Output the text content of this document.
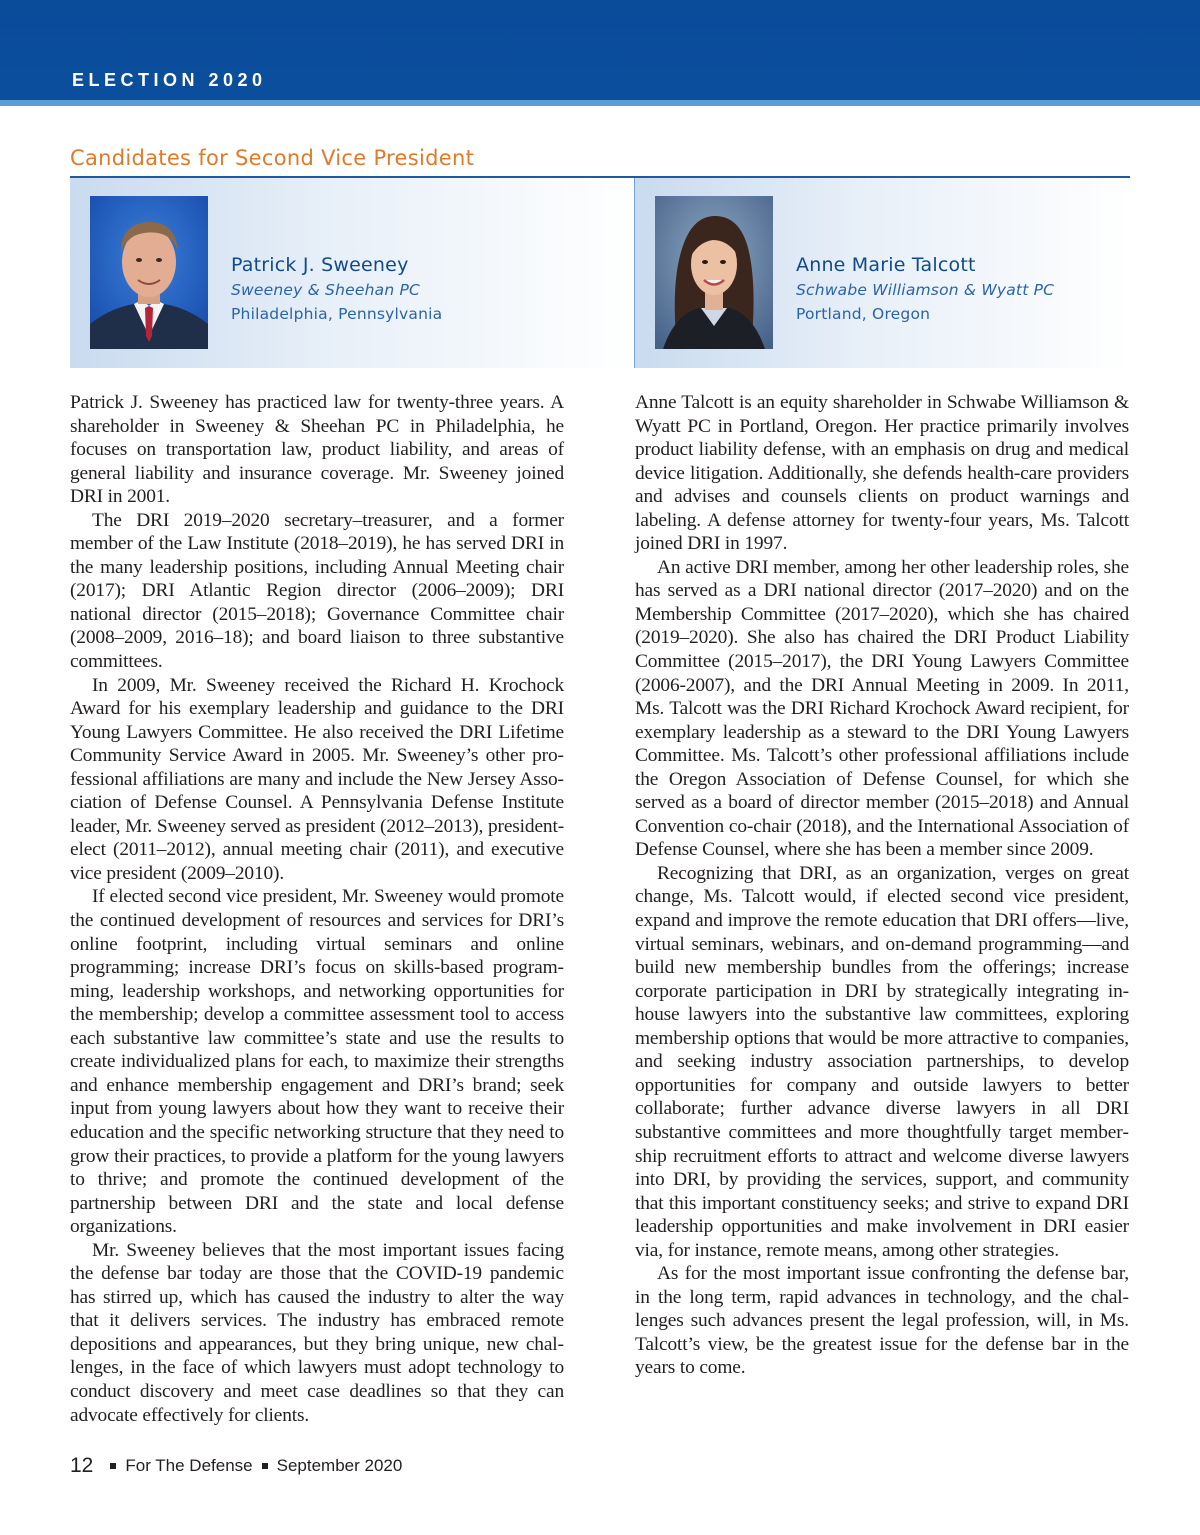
ELECTION 2020
Candidates for Second Vice President
Patrick J. Sweeney
Sweeney & Sheehan PC
Philadelphia, Pennsylvania
Anne Marie Talcott
Schwabe Williamson & Wyatt PC
Portland, Oregon

Patrick J. Sweeney has practiced law for twenty-three years. A shareholder in Sweeney & Sheehan PC in Philadelphia, he focuses on transportation law, product liability, and areas of general liability and insurance coverage. Mr. Sweeney joined DRI in 2001.

The DRI 2019–2020 secretary–treasurer, and a former member of the Law Institute (2018–2019), he has served DRI in the many leadership positions, including Annual Meeting chair (2017); DRI Atlantic Region director (2006–2009); DRI national director (2015–2018); Governance Committee chair (2008–2009, 2016–18); and board liaison to three substantive committees.

In 2009, Mr. Sweeney received the Richard H. Krochock Award for his exemplary leadership and guidance to the DRI Young Lawyers Committee. He also received the DRI Lifetime Community Service Award in 2005. Mr. Sweeney’s other professional affiliations are many and include the New Jersey Association of Defense Counsel. A Pennsylvania Defense Institute leader, Mr. Sweeney served as president (2012–2013), president-elect (2011–2012), annual meeting chair (2011), and executive vice president (2009–2010).

If elected second vice president, Mr. Sweeney would promote the continued development of resources and services for DRI’s online footprint, including virtual seminars and online programming; increase DRI’s focus on skills-based programming, leadership workshops, and networking opportunities for the membership; develop a committee assessment tool to access each substantive law committee’s state and use the results to create individualized plans for each, to maximize their strengths and enhance membership engagement and DRI’s brand; seek input from young lawyers about how they want to receive their education and the specific networking structure that they need to grow their practices, to provide a platform for the young lawyers to thrive; and promote the continued development of the partnership between DRI and the state and local defense organizations.

Mr. Sweeney believes that the most important issues facing the defense bar today are those that the COVID-19 pandemic has stirred up, which has caused the industry to alter the way that it delivers services. The industry has embraced remote depositions and appearances, but they bring unique, new challenges, in the face of which lawyers must adopt technology to conduct discovery and meet case deadlines so that they can advocate effectively for clients.

Anne Talcott is an equity shareholder in Schwabe Williamson & Wyatt PC in Portland, Oregon. Her practice primarily involves product liability defense, with an emphasis on drug and medical device litigation. Additionally, she defends health-care providers and advises and counsels clients on product warnings and labeling. A defense attorney for twenty-four years, Ms. Talcott joined DRI in 1997.

An active DRI member, among her other leadership roles, she has served as a DRI national director (2017–2020) and on the Membership Committee (2017–2020), which she has chaired (2019–2020). She also has chaired the DRI Product Liability Committee (2015–2017), the DRI Young Lawyers Committee (2006-2007), and the DRI Annual Meeting in 2009. In 2011, Ms. Talcott was the DRI Richard Krochock Award recipient, for exemplary leadership as a steward to the DRI Young Lawyers Committee. Ms. Talcott’s other professional affiliations include the Oregon Association of Defense Counsel, for which she served as a board of director member (2015–2018) and Annual Convention co-chair (2018), and the International Association of Defense Counsel, where she has been a member since 2009.

Recognizing that DRI, as an organization, verges on great change, Ms. Talcott would, if elected second vice president, expand and improve the remote education that DRI offers—live, virtual seminars, webinars, and on-demand programming—and build new membership bundles from the offerings; increase corporate participation in DRI by strategically integrating in-house lawyers into the substantive law committees, exploring membership options that would be more attractive to companies, and seeking industry association partnerships, to develop opportunities for company and outside lawyers to better collaborate; further advance diverse lawyers in all DRI substantive committees and more thoughtfully target membership recruitment efforts to attract and welcome diverse lawyers into DRI, by providing the services, support, and community that this important constituency seeks; and strive to expand DRI leadership opportunities and make involvement in DRI easier via, for instance, remote means, among other strategies.

As for the most important issue confronting the defense bar, in the long term, rapid advances in technology, and the challenges such advances present the legal profession, will, in Ms. Talcott’s view, be the greatest issue for the defense bar in the years to come.

12 For The Defense September 2020
